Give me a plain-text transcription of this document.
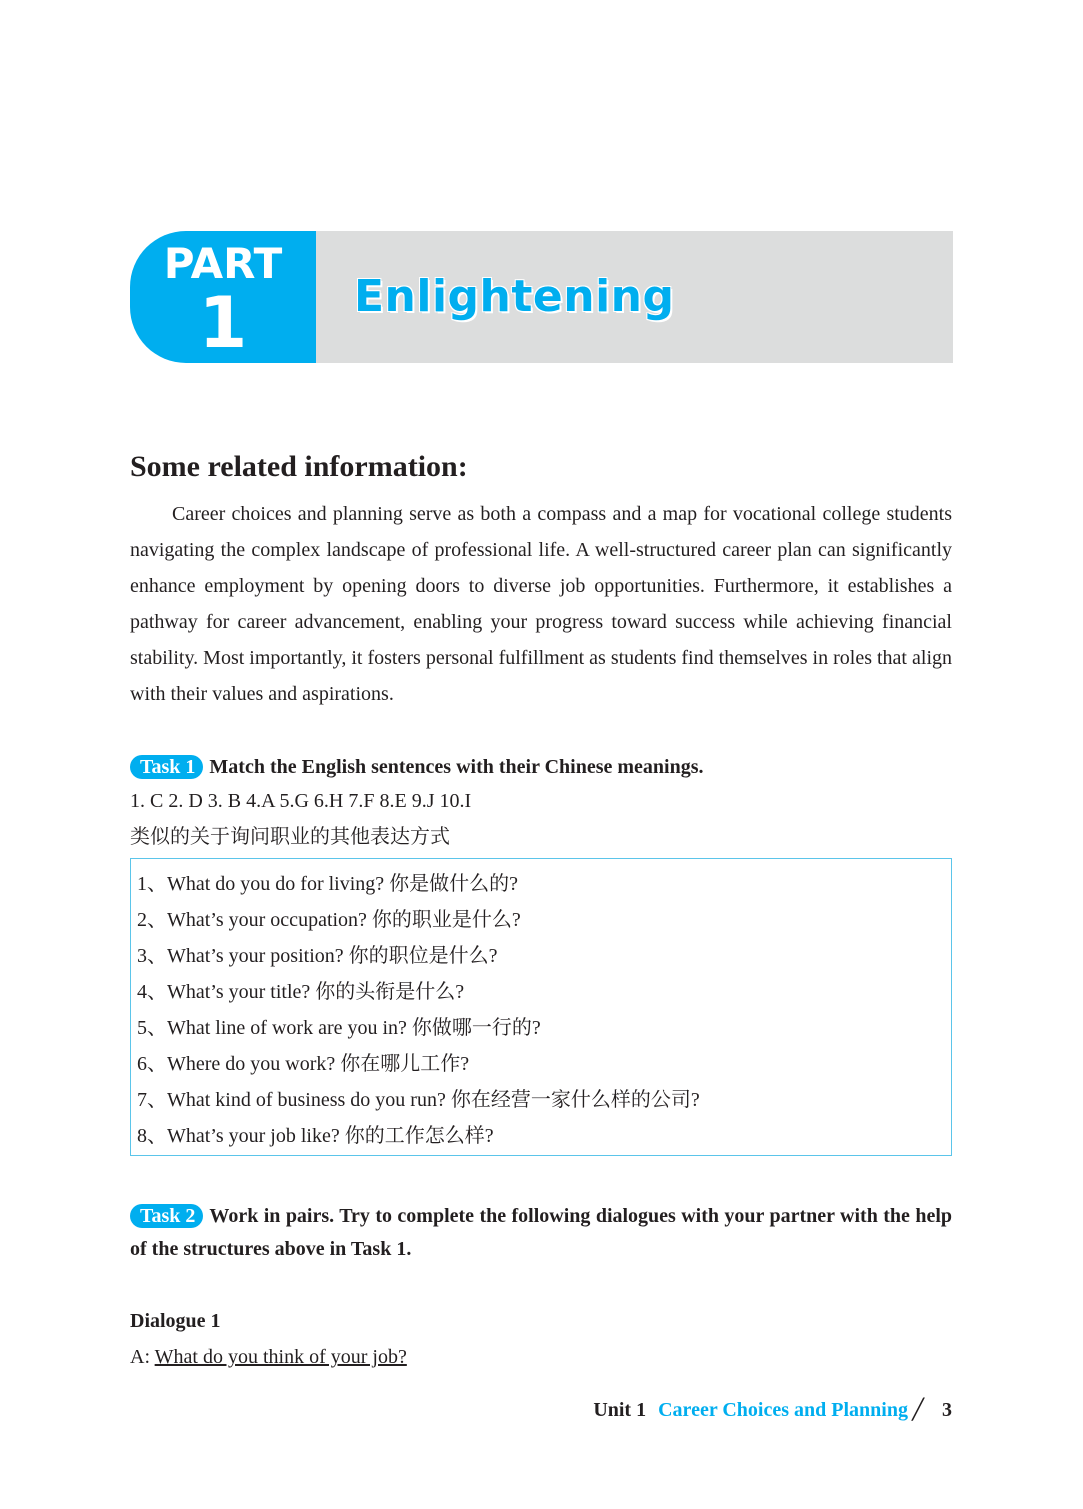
PART
1	Enlightening
Some related information:

Career choices and planning serve as both a compass and a map for vocational college students navigating the complex landscape of professional life. A well-structured career plan can significantly enhance employment by opening doors to diverse job opportunities. Furthermore, it establishes a pathway for career advancement, enabling your progress toward success while achieving financial stability. Most importantly, it fosters personal fulfillment as students find themselves in roles that align with their values and aspirations.

Task 1 Match the English sentences with their Chinese meanings.
1. C 2. D 3. B 4.A 5.G 6.H 7.F 8.E 9.J 10.I
类似的关于询问职业的其他表达方式
1、What do you do for living? 你是做什么的?
2、What’s your occupation? 你的职业是什么?
3、What’s your position? 你的职位是什么?
4、What’s your title? 你的头衔是什么?
5、What line of work are you in? 你做哪一行的?
6、Where do you work? 你在哪儿工作?
7、What kind of business do you run? 你在经营一家什么样的公司?
8、What’s your job like? 你的工作怎么样?
Task 2 Work in pairs. Try to complete the following dialogues with your partner with the help of the structures above in Task 1.
Dialogue 1
A: What do you think of your job?
Unit 1 Career Choices and Planning ╱ 3
